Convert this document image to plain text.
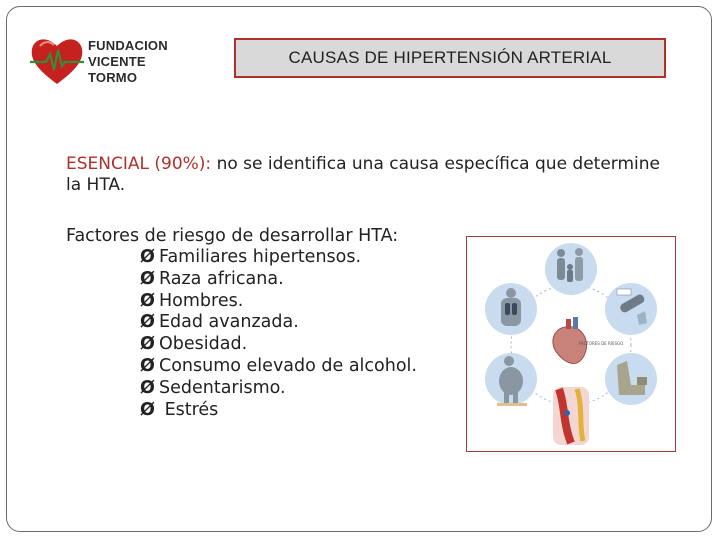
FUNDACION
VICENTE TORMO
CAUSAS DE HIPERTENSIÓN ARTERIAL
ESENCIAL (90%): no se identifica una causa específica que determine la HTA.
Factores de riesgo de desarrollar HTA:
Ø Familiares hipertensos.
Ø Raza africana.
Ø Hombres.
Ø Edad avanzada.
Ø Obesidad.
Ø Consumo elevado de alcohol.
Ø Sedentarismo.
Ø Estrés
FACTORES DE RIESGO
